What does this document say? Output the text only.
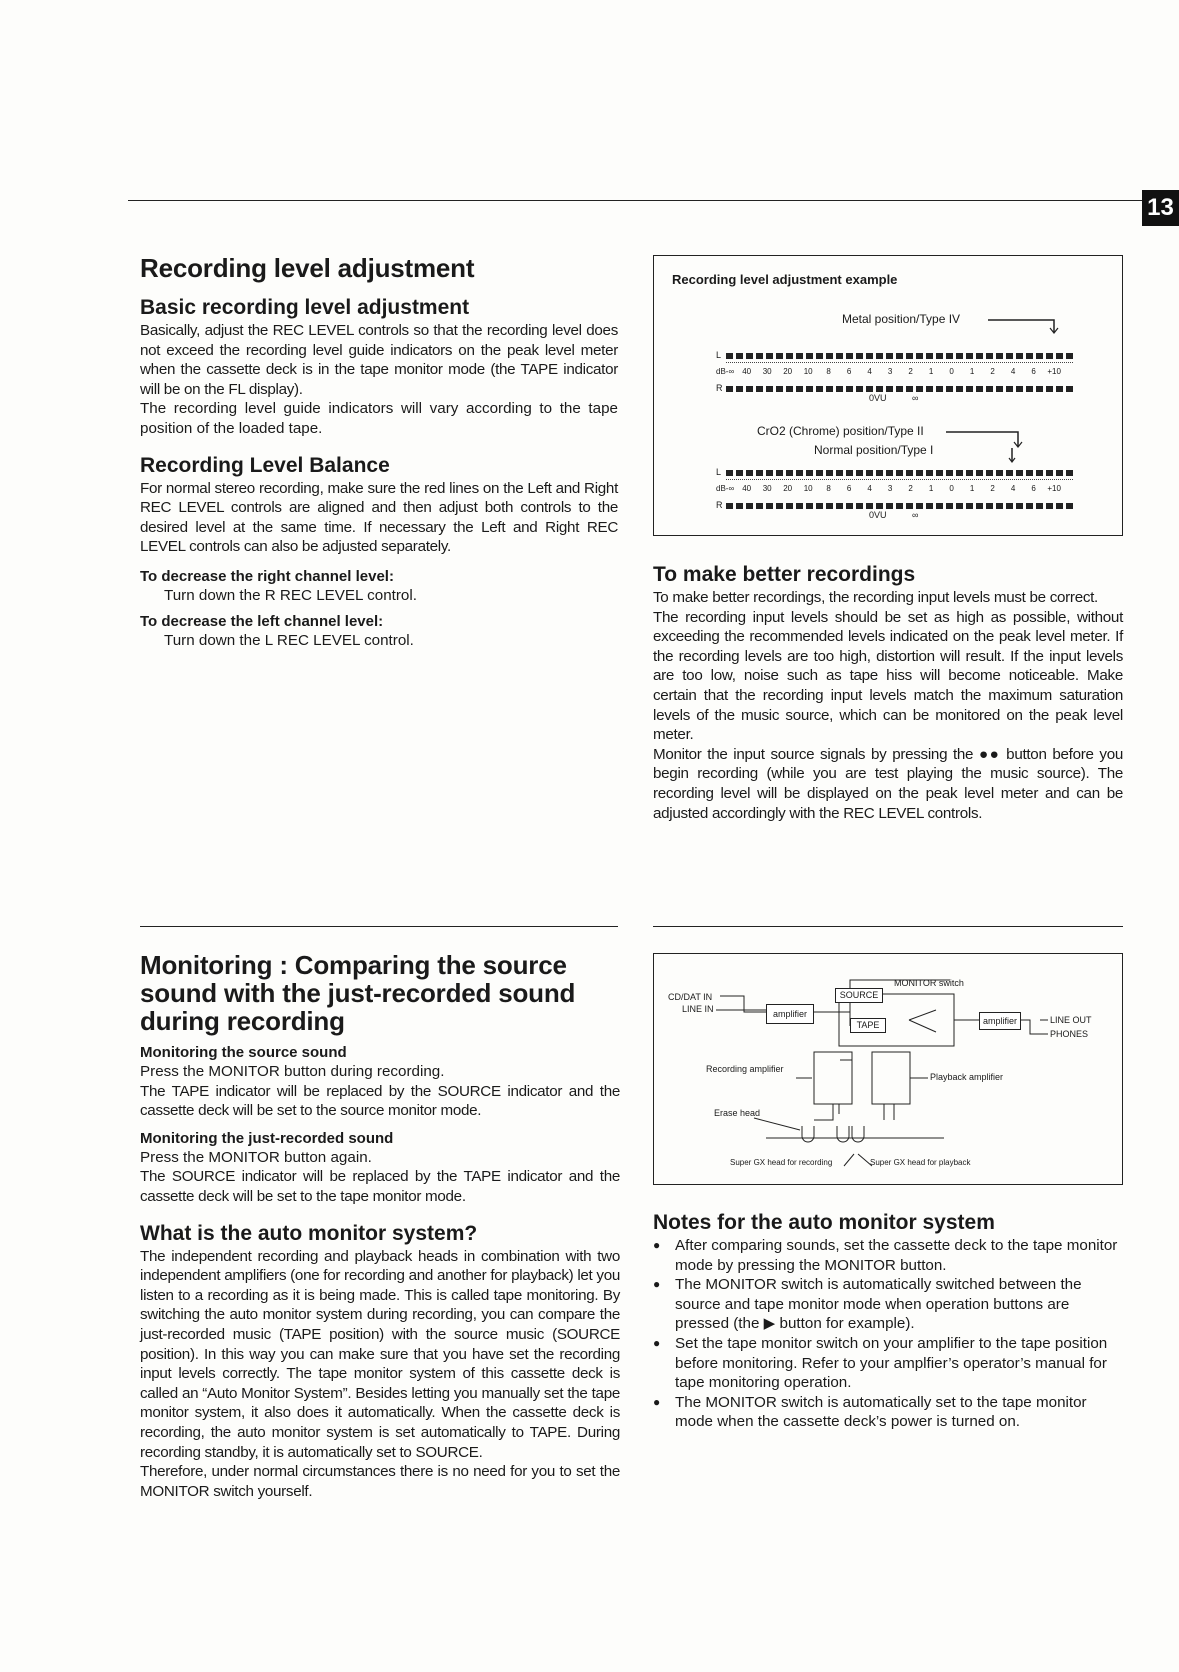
13
Recording level adjustment
Basic recording level adjustment

Basically, adjust the REC LEVEL controls so that the recording level does not exceed the recording level guide indicators on the peak level meter when the cassette deck is in the tape monitor mode (the TAPE indicator will be on the FL display).

The recording level guide indicators will vary according to the tape position of the loaded tape.

Recording Level Balance

For normal stereo recording, make sure the red lines on the Left and Right REC LEVEL controls are aligned and then adjust both controls to the desired level at the same time. If necessary the Left and Right REC LEVEL controls can also be adjusted separately.

To decrease the right channel level:

Turn down the R REC LEVEL control.

To decrease the left channel level:

Turn down the L REC LEVEL control.

Recording level adjustment example
Metal position/Type IV
L
dB-∞ 40 30 20 10 8 6 4 3 2 1 0 1 2 4 6 +10
R
0VU	∞
CrO2 (Chrome) position/Type II
Normal position/Type I
L
dB-∞ 40 30 20 10 8 6 4 3 2 1 0 1 2 4 6 +10
R
0VU	∞
To make better recordings

To make better recordings, the recording input levels must be correct.

The recording input levels should be set as high as possible, without exceeding the recommended levels indicated on the peak level meter. If the recording levels are too high, distortion will result. If the input levels are too low, noise such as tape hiss will become noticeable. Make certain that the recording input levels match the maximum saturation levels of the music source, which can be monitored on the peak level meter.

Monitor the input source signals by pressing the ●● button before you begin recording (while you are test playing the music source). The recording level will be displayed on the peak level meter and can be adjusted accordingly with the REC LEVEL controls.

Monitoring : Comparing the source sound with the just-recorded sound during recording
Monitoring the source sound

Press the MONITOR button during recording.

The TAPE indicator will be replaced by the SOURCE indicator and the cassette deck will be set to the source monitor mode.

Monitoring the just-recorded sound

Press the MONITOR button again.

The SOURCE indicator will be replaced by the TAPE indicator and the cassette deck will be set to the tape monitor mode.

What is the auto monitor system?

The independent recording and playback heads in combination with two independent amplifiers (one for recording and another for playback) let you listen to a recording as it is being made. This is called tape monitoring. By switching the auto monitor system during recording, you can compare the just-recorded music (TAPE position) with the source music (SOURCE position). In this way you can make sure that you have set the recording input levels correctly. The tape monitor system of this cassette deck is called an “Auto Monitor System”. Besides letting you manually set the tape monitor system, it also does it automatically. When the cassette deck is recording, the auto monitor system is set automatically to TAPE. During recording standby, it is automatically set to SOURCE.

Therefore, under normal circumstances there is no need for you to set the MONITOR switch yourself.

MONITOR switch
CD/DAT IN
LINE IN	amplifier
SOURCE
TAPE	amplifier	LINE OUT
PHONES
Recording amplifier
Playback amplifier
Erase head
Super GX head for recording	Super GX head for playback
Notes for the auto monitor system
● After comparing sounds, set the cassette deck to the tape monitor mode by pressing the MONITOR button.
● The MONITOR switch is automatically switched between the source and tape monitor mode when operation buttons are pressed (the ▶ button for example).
● Set the tape monitor switch on your amplifier to the tape position before monitoring. Refer to your amplfier’s operator’s manual for tape monitoring operation.
● The MONITOR switch is automatically set to the tape monitor mode when the cassette deck’s power is turned on.
